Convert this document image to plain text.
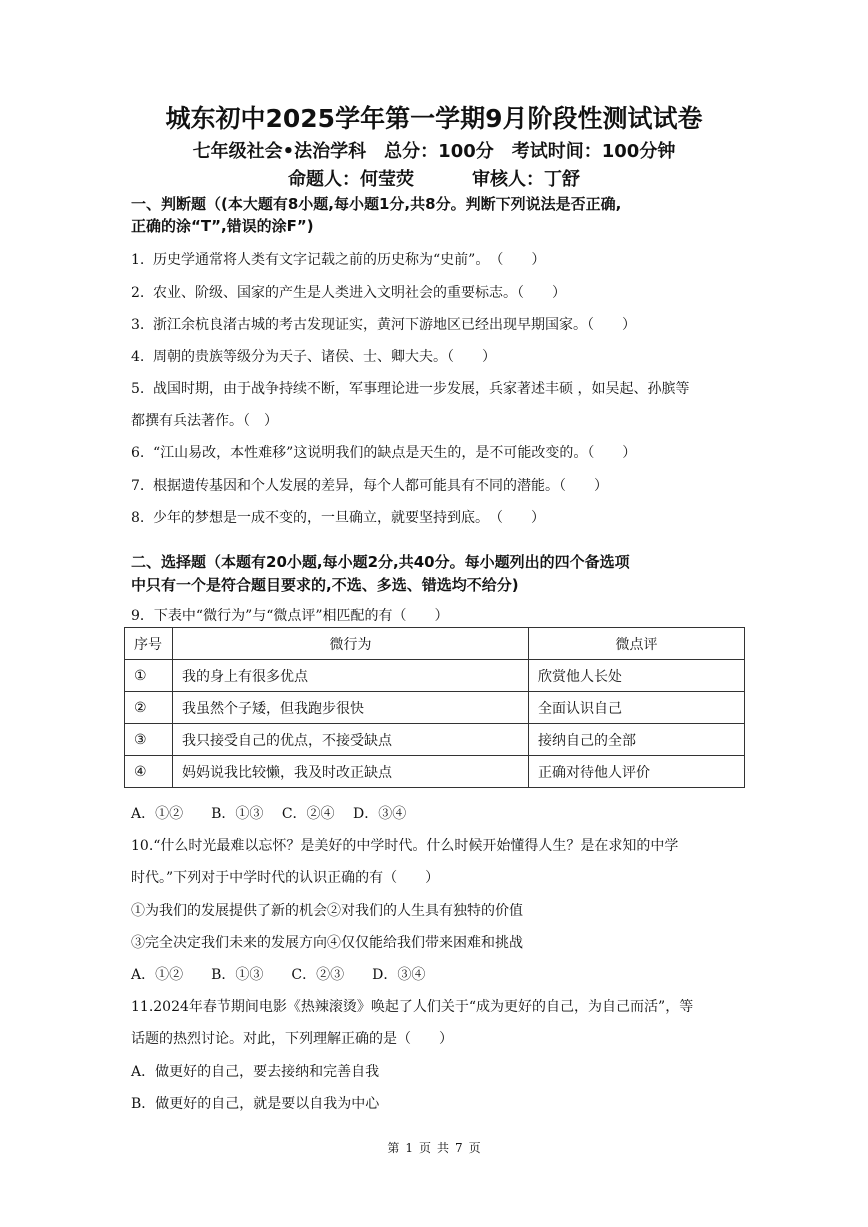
城东初中2025学年第一学期9月阶段性测试试卷
七年级社会•法治学科　总分：100分　考试时间：100分钟
命题人：何莹荧	审核人：丁舒
一、判断题（(本大题有8小题,每小题1分,共8分。判断下列说法是否正确,
正确的涂“T”,错误的涂F”)
1. 历史学通常将人类有文字记载之前的历史称为“史前”。　（　　）
2. 农业、阶级、国家的产生是人类进入文明社会的重要标志。（　　）
3. 浙江余杭良渚古城的考古发现证实，黄河下游地区已经出现早期国家。（　　）
4. 周朝的贵族等级分为天子、诸侯、士、卿大夫。（　　）
5. 战国时期，由于战争持续不断，军事理论进一步发展，兵家著述丰硕 ，如吴起、孙膑等
都撰有兵法著作。（　）
6. “江山易改，本性难移”这说明我们的缺点是天生的，是不可能改变的。（　　）
7. 根据遗传基因和个人发展的差异，每个人都可能具有不同的潜能。（　　）
8. 少年的梦想是一成不变的，一旦确立，就要坚持到底。　（　　）
二、选择题（本题有20小题,每小题2分,共40分。每小题列出的四个备选项
中只有一个是符合题目要求的,不选、多选、错选均不给分)
9．下表中“微行为”与“微点评”相匹配的有（　　）
序号	微行为	微点评
①	我的身上有很多优点	欣赏他人长处
②	我虽然个子矮，但我跑步很快	全面认识自己
③	我只接受自己的优点，不接受缺点	接纳自己的全部
④	妈妈说我比较懒，我及时改正缺点	正确对待他人评价
A．①②　　B．①③　 C．②④　 D．③④
10.“什么时光最难以忘怀？是美好的中学时代。什么时候开始懂得人生？是在求知的中学
时代。”下列对于中学时代的认识正确的有（　　）
①为我们的发展提供了新的机会②对我们的人生具有独特的价值
③完全决定我们未来的发展方向④仅仅能给我们带来困难和挑战
A．①②　　B．①③　　C．②③　　D．③④
11.2024年春节期间电影《热辣滚烫》唤起了人们关于“成为更好的自己，为自己而活”，等
话题的热烈讨论。对此，下列理解正确的是（　　）
A．做更好的自己，要去接纳和完善自我
B．做更好的自己，就是要以自我为中心
第 1 页 共 7 页
